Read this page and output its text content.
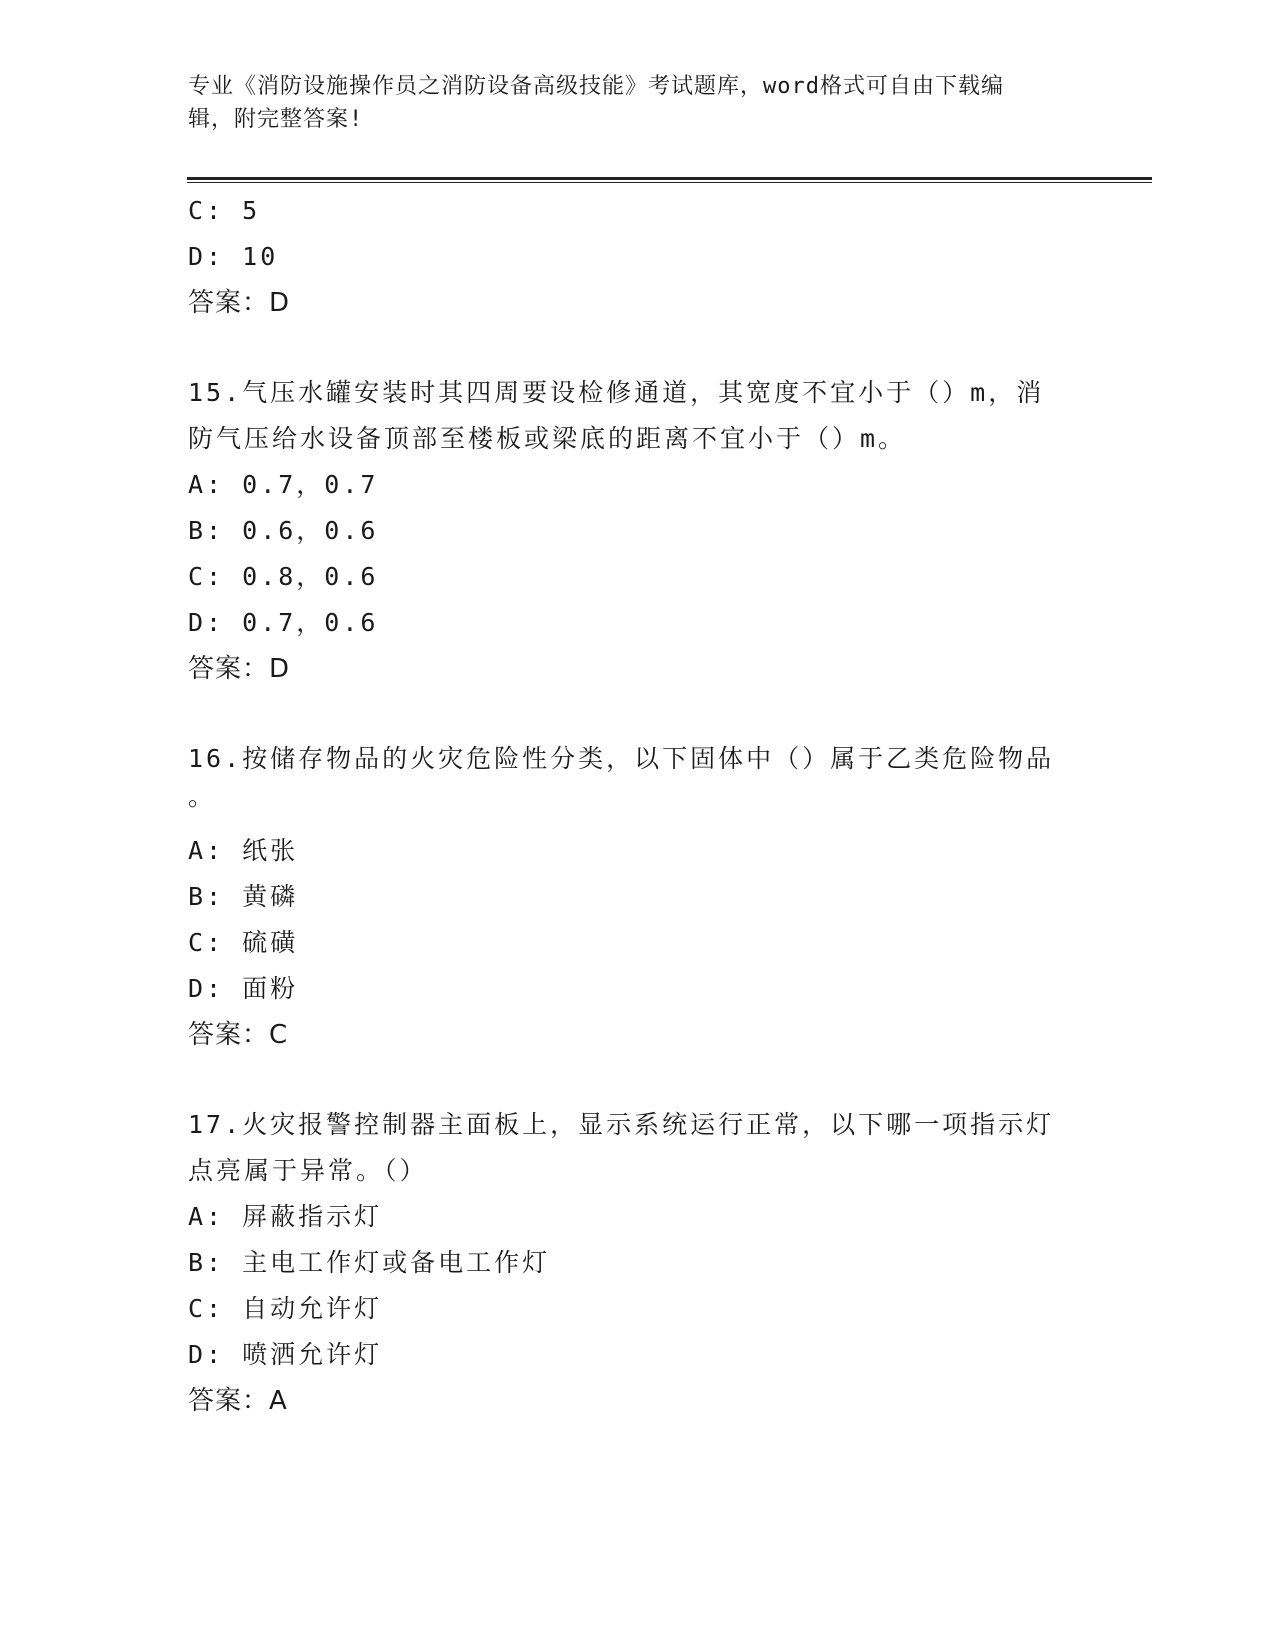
专业《消防设施操作员之消防设备高级技能》考试题库，word格式可自由下载编
辑，附完整答案!
C: 5
D: 10
答案：D
15.气压水罐安装时其四周要设检修通道，其宽度不宜小于（）m，消
防气压给水设备顶部至楼板或梁底的距离不宜小于（）m。
A: 0.7，0.7
B: 0.6，0.6
C: 0.8，0.6
D: 0.7，0.6
答案：D
16.按储存物品的火灾危险性分类，以下固体中（）属于乙类危险物品
。
A: 纸张
B: 黄磷
C: 硫磺
D: 面粉
答案：C
17.火灾报警控制器主面板上，显示系统运行正常，以下哪一项指示灯
点亮属于异常。（）
A: 屏蔽指示灯
B: 主电工作灯或备电工作灯
C: 自动允许灯
D: 喷洒允许灯
答案：A
